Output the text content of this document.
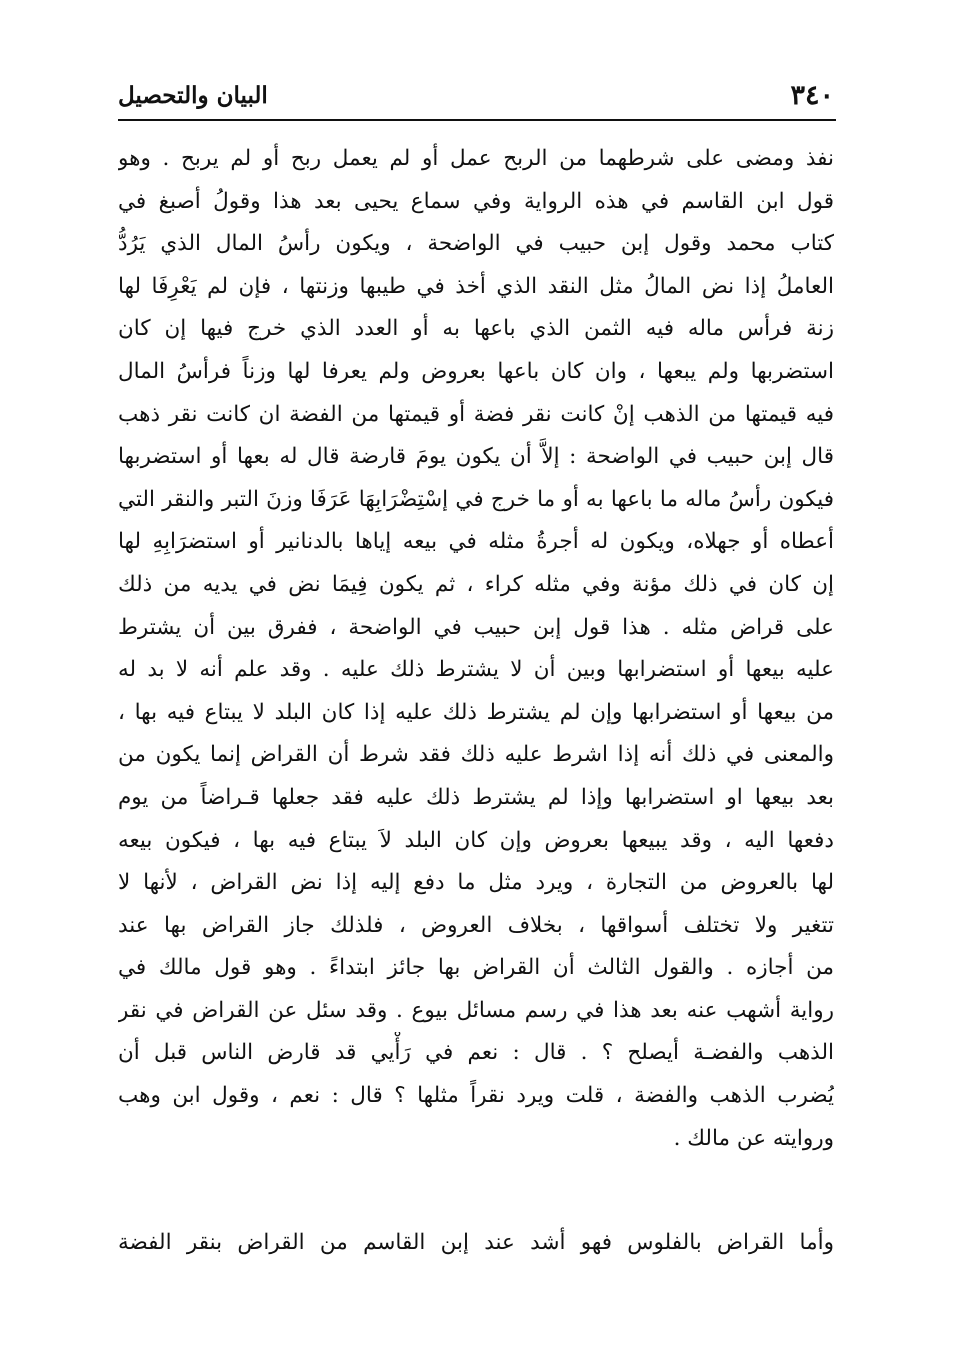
٣٤٠
البيان والتحصيل
نفذ ومضى على شرطهما من الربح عمل أو لم يعمل ربح أو لم يربح . وهو
قول ابن القاسم في هذه الرواية وفي سماع يحيى بعد هذا وقولُ أصبغ في
كتاب محمد وقول إبن حبيب في الواضحة ، ويكون رأسُ المال الذي يَرُدُّ
العاملُ إذا نض المالُ مثل النقد الذي أخذ في طيبها وزنتها ، فإن لم يَعْرِفَا لها
زنة فرأس ماله فيه الثمن الذي باعها به أو العدد الذي خرج فيها إن كان
استضربها ولم يبعها ، وان كان باعها بعروض ولم يعرفا لها وزناً فرأسُ المال
فيه قيمتها من الذهب إنْ كانت نقر فضة أو قيمتها من الفضة ان كانت نقر ذهب
قال إبن حبيب في الواضحة : إلاَّ أن يكون يومَ قارضة قال له بعها أو استضربها
فيكون رأسُ ماله ما باعها به أو ما خرج في إسْتِضْرَابِهَا عَرَفَا وزنَ التبر والنقر التي
أعطاه أو جهلاه، ويكون له أجرةُ مثله في بيعه إياها بالدنانير أو استضرَابِهِ لها
إن كان في ذلك مؤنة وفي مثله كراء ، ثم يكون فِيمَا نض في يديه من ذلك
على قراض مثله . هذا قول إبن حبيب في الواضحة ، ففرق بين أن يشترط
عليه بيعها أو استضرابها وبين أن لا يشترط ذلك عليه . وقد علم أنه لا بد له
من بيعها أو استضرابها وإن لم يشترط ذلك عليه إذا كان البلد لا يبتاع فيه بها ،
والمعنى في ذلك أنه إذا اشرط عليه ذلك فقد شرط أن القراض إنما يكون من
بعد بيعها او استضرابها وإذا لم يشترط ذلك عليه فقد جعلها قـراضاً من يوم
دفعها اليه ، وقد يبيعها بعروض وإن كان البلد لاَ يبتاع فيه بها ، فيكون بيعه
لها بالعروض من التجارة ، ويرد مثل ما دفع إليه إذا نض القراض ، لأنها لا
تتغير ولا تختلف أسواقها ، بخلاف العروض ، فلذلك جاز القراض بها عند
من أجازه . والقول الثالث أن القراض بها جائز ابتداءً . وهو قول مالك في
رواية أشهب عنه بعد هذا في رسم مسائل بيوع . وقد سئل عن القراض في نقر
الذهب والفضـة أيصلح ؟ . قال : نعم في رَأْيي قد قارض الناس قبل أن
يُضرب الذهب والفضة ، قلت ويرد نقراً مثلها ؟ قال : نعم ، وقول ابن وهب
وروايته عن مالك .
وأما القراض بالفلوس فهو أشد عند إبن القاسم من القراض بنقر الفضة
